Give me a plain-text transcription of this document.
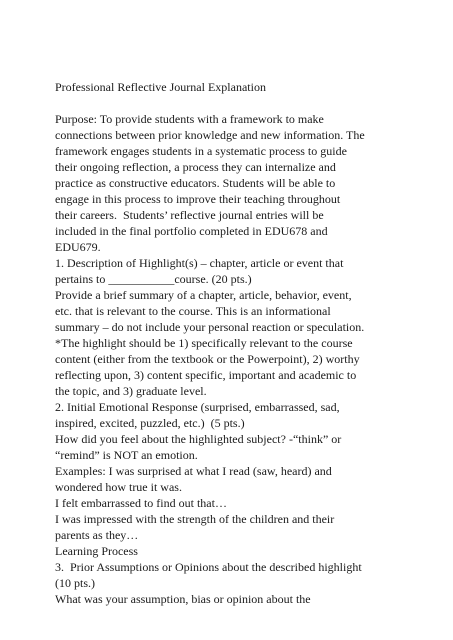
Professional Reflective Journal Explanation
Purpose: To provide students with a framework to make
connections between prior knowledge and new information. The
framework engages students in a systematic process to guide
their ongoing reflection, a process they can internalize and
practice as constructive educators. Students will be able to
engage in this process to improve their teaching throughout
their careers.  Students’ reflective journal entries will be
included in the final portfolio completed in EDU678 and
EDU679.
1. Description of Highlight(s) – chapter, article or event that
pertains to ___________course. (20 pts.)
Provide a brief summary of a chapter, article, behavior, event,
etc. that is relevant to the course. This is an informational
summary – do not include your personal reaction or speculation.
*The highlight should be 1) specifically relevant to the course
content (either from the textbook or the Powerpoint), 2) worthy
reflecting upon, 3) content specific, important and academic to
the topic, and 3) graduate level.
2. Initial Emotional Response (surprised, embarrassed, sad,
inspired, excited, puzzled, etc.)  (5 pts.)
How did you feel about the highlighted subject? -“think” or
“remind” is NOT an emotion.
Examples: I was surprised at what I read (saw, heard) and
wondered how true it was.
I felt embarrassed to find out that…
I was impressed with the strength of the children and their
parents as they…
Learning Process
3.  Prior Assumptions or Opinions about the described highlight
(10 pts.)
What was your assumption, bias or opinion about the
